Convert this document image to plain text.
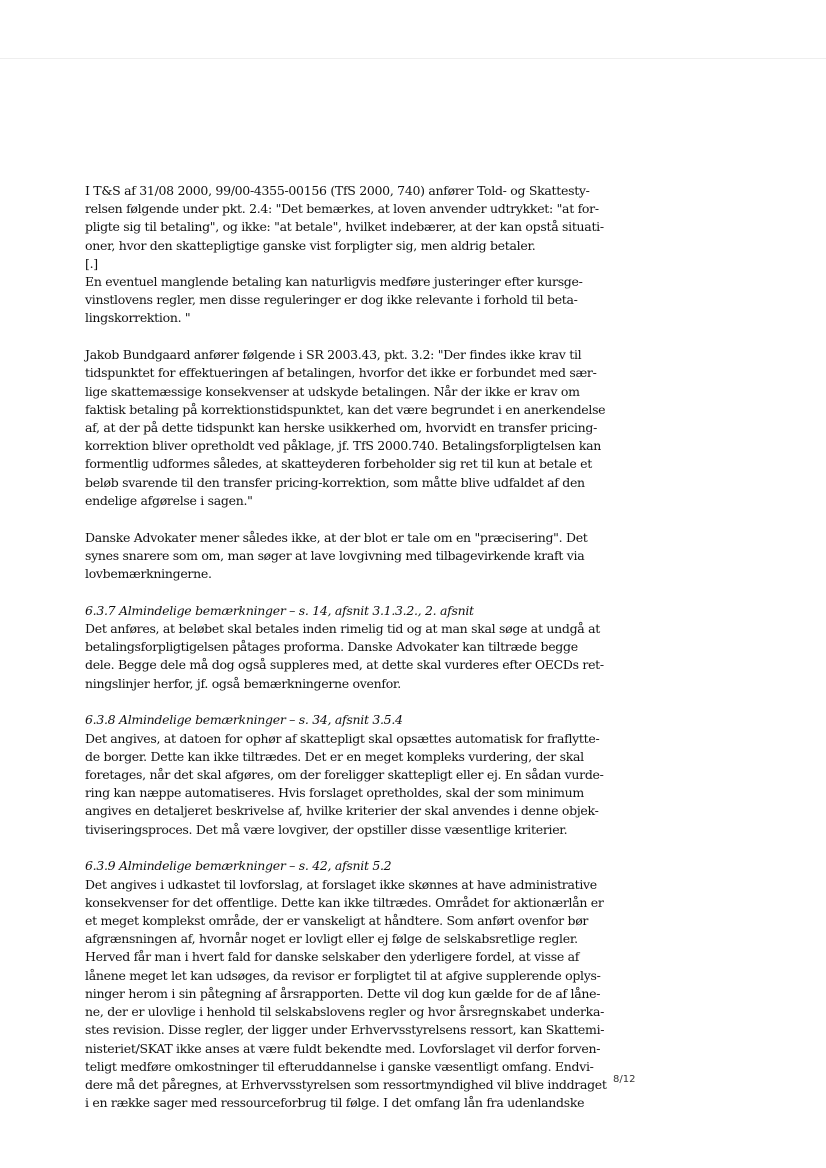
I T&S af 31/08 2000, 99/00-4355-00156 (TfS 2000, 740) anfører Told- og Skattesty-
relsen følgende under pkt. 2.4: "Det bemærkes, at loven anvender udtrykket: "at for-
pligte sig til betaling", og ikke: "at betale", hvilket indebærer, at der kan opstå situati-
oner, hvor den skattepligtige ganske vist forpligter sig, men aldrig betaler.
[.]
En eventuel manglende betaling kan naturligvis medføre justeringer efter kursge-
vinstlovens regler, men disse reguleringer er dog ikke relevante i forhold til beta-
lingskorrektion. "
Jakob Bundgaard anfører følgende i SR 2003.43, pkt. 3.2: "Der findes ikke krav til
tidspunktet for effektueringen af betalingen, hvorfor det ikke er forbundet med sær-
lige skattemæssige konsekvenser at udskyde betalingen. Når der ikke er krav om
faktisk betaling på korrektionstidspunktet, kan det være begrundet i en anerkendelse
af, at der på dette tidspunkt kan herske usikkerhed om, hvorvidt en transfer pricing-
korrektion bliver opretholdt ved påklage, jf. TfS 2000.740. Betalingsforpligtelsen kan
formentlig udformes således, at skatteyderen forbeholder sig ret til kun at betale et
beløb svarende til den transfer pricing-korrektion, som måtte blive udfaldet af den
endelige afgørelse i sagen."
Danske Advokater mener således ikke, at der blot er tale om en "præcisering". Det
synes snarere som om, man søger at lave lovgivning med tilbagevirkende kraft via
lovbemærkningerne.
6.3.7 Almindelige bemærkninger – s. 14, afsnit 3.1.3.2., 2. afsnit
Det anføres, at beløbet skal betales inden rimelig tid og at man skal søge at undgå at
betalingsforpligtigelsen påtages proforma. Danske Advokater kan tiltræde begge
dele. Begge dele må dog også suppleres med, at dette skal vurderes efter OECDs ret-
ningslinjer herfor, jf. også bemærkningerne ovenfor.
6.3.8 Almindelige bemærkninger – s. 34, afsnit 3.5.4
Det angives, at datoen for ophør af skattepligt skal opsættes automatisk for fraflytte-
de borger. Dette kan ikke tiltrædes. Det er en meget kompleks vurdering, der skal
foretages, når det skal afgøres, om der foreligger skattepligt eller ej. En sådan vurde-
ring kan næppe automatiseres. Hvis forslaget opretholdes, skal der som minimum
angives en detaljeret beskrivelse af, hvilke kriterier der skal anvendes i denne objek-
tiviseringsproces. Det må være lovgiver, der opstiller disse væsentlige kriterier.
6.3.9 Almindelige bemærkninger – s. 42, afsnit 5.2
Det angives i udkastet til lovforslag, at forslaget ikke skønnes at have administrative
konsekvenser for det offentlige. Dette kan ikke tiltrædes. Området for aktionærlån er
et meget komplekst område, der er vanskeligt at håndtere. Som anført ovenfor bør
afgrænsningen af, hvornår noget er lovligt eller ej følge de selskabsretlige regler.
Herved får man i hvert fald for danske selskaber den yderligere fordel, at visse af
lånene meget let kan udsøges, da revisor er forpligtet til at afgive supplerende oplys-
ninger herom i sin påtegning af årsrapporten. Dette vil dog kun gælde for de af låne-
ne, der er ulovlige i henhold til selskabslovens regler og hvor årsregnskabet underka-
stes revision. Disse regler, der ligger under Erhvervsstyrelsens ressort, kan Skattemi-
nisteriet/SKAT ikke anses at være fuldt bekendte med. Lovforslaget vil derfor forven-
teligt medføre omkostninger til efteruddannelse i ganske væsentligt omfang. Endvi-
dere må det påregnes, at Erhvervsstyrelsen som ressortmyndighed vil blive inddraget
i en række sager med ressourceforbrug til følge. I det omfang lån fra udenlandske
8/12
